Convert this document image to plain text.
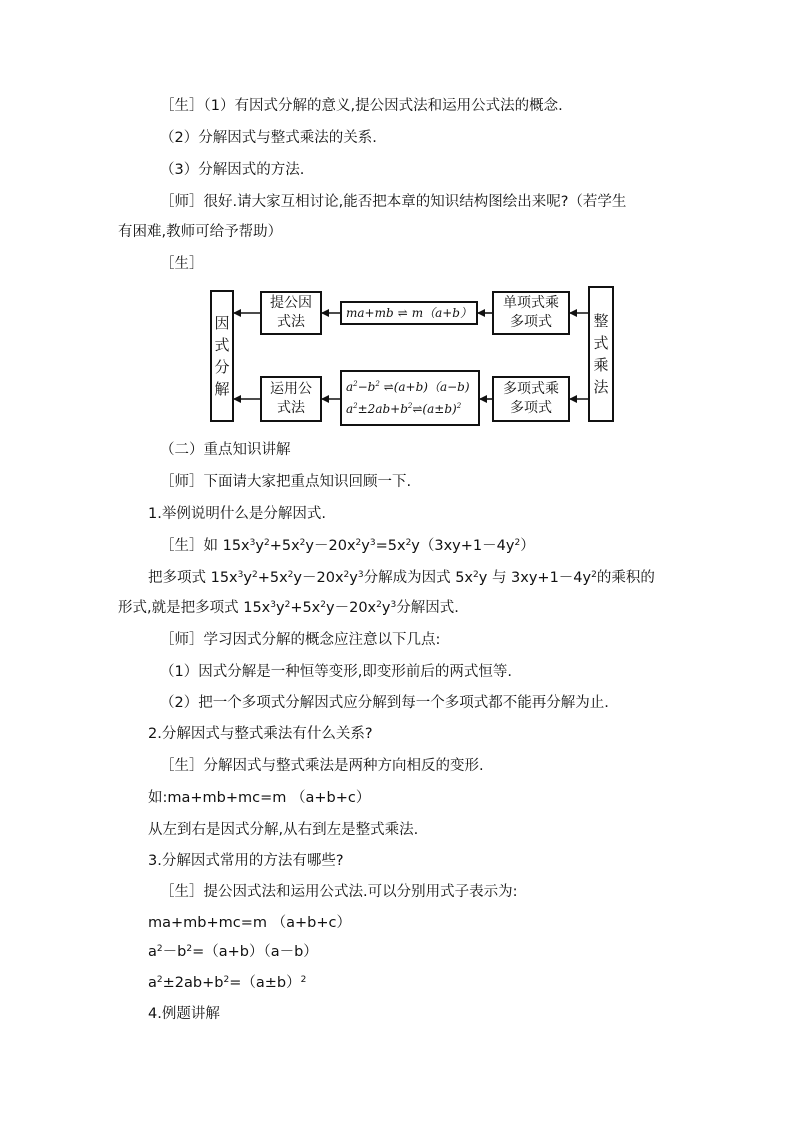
［生］（1）有因式分解的意义,提公因式法和运用公式法的概念.
（2）分解因式与整式乘法的关系.
（3）分解因式的方法.
［师］很好.请大家互相讨论,能否把本章的知识结构图绘出来呢?（若学生
有困难,教师可给予帮助）
［生］
因
式
分
解
提公因
式法
运用公
式法
ma+mb ⇌ m（a+b）
$a^2-b^2$ ⇌(a+b)（a−b)
$a^2\pm 2ab+b^2\rightleftharpoons(a\pm b)^2$
单项式乘
多项式
多项式乘
多项式
整
式
乘
法
（二）重点知识讲解
［师］下面请大家把重点知识回顾一下.
1.举例说明什么是分解因式.
［生］如 $15x^3y^2+5x^2y-20x^2y^3=5x^2y(3xy+1-4y^2)$
把多项式 $15x^3y^2+5x^2y-20x^2y^3$分解成为因式 $5x^2y$ 与 $3xy+1-4y^2$的乘积的
形式,就是把多项式 $15x^3y^2+5x^2y-20x^2y^3$分解因式.
［师］学习因式分解的概念应注意以下几点:
（1）因式分解是一种恒等变形,即变形前后的两式恒等.
（2）把一个多项式分解因式应分解到每一个多项式都不能再分解为止.
2.分解因式与整式乘法有什么关系?
［生］分解因式与整式乘法是两种方向相反的变形.
如:ma+mb+mc=m （a+b+c）
从左到右是因式分解,从右到左是整式乘法.
3.分解因式常用的方法有哪些?
［生］提公因式法和运用公式法.可以分别用式子表示为:
ma+mb+mc=m （a+b+c）
$a^2-b^2=(a+b)(a-b)$
$a^2\pm 2ab+b^2=(a\pm b)^2$
4.例题讲解
